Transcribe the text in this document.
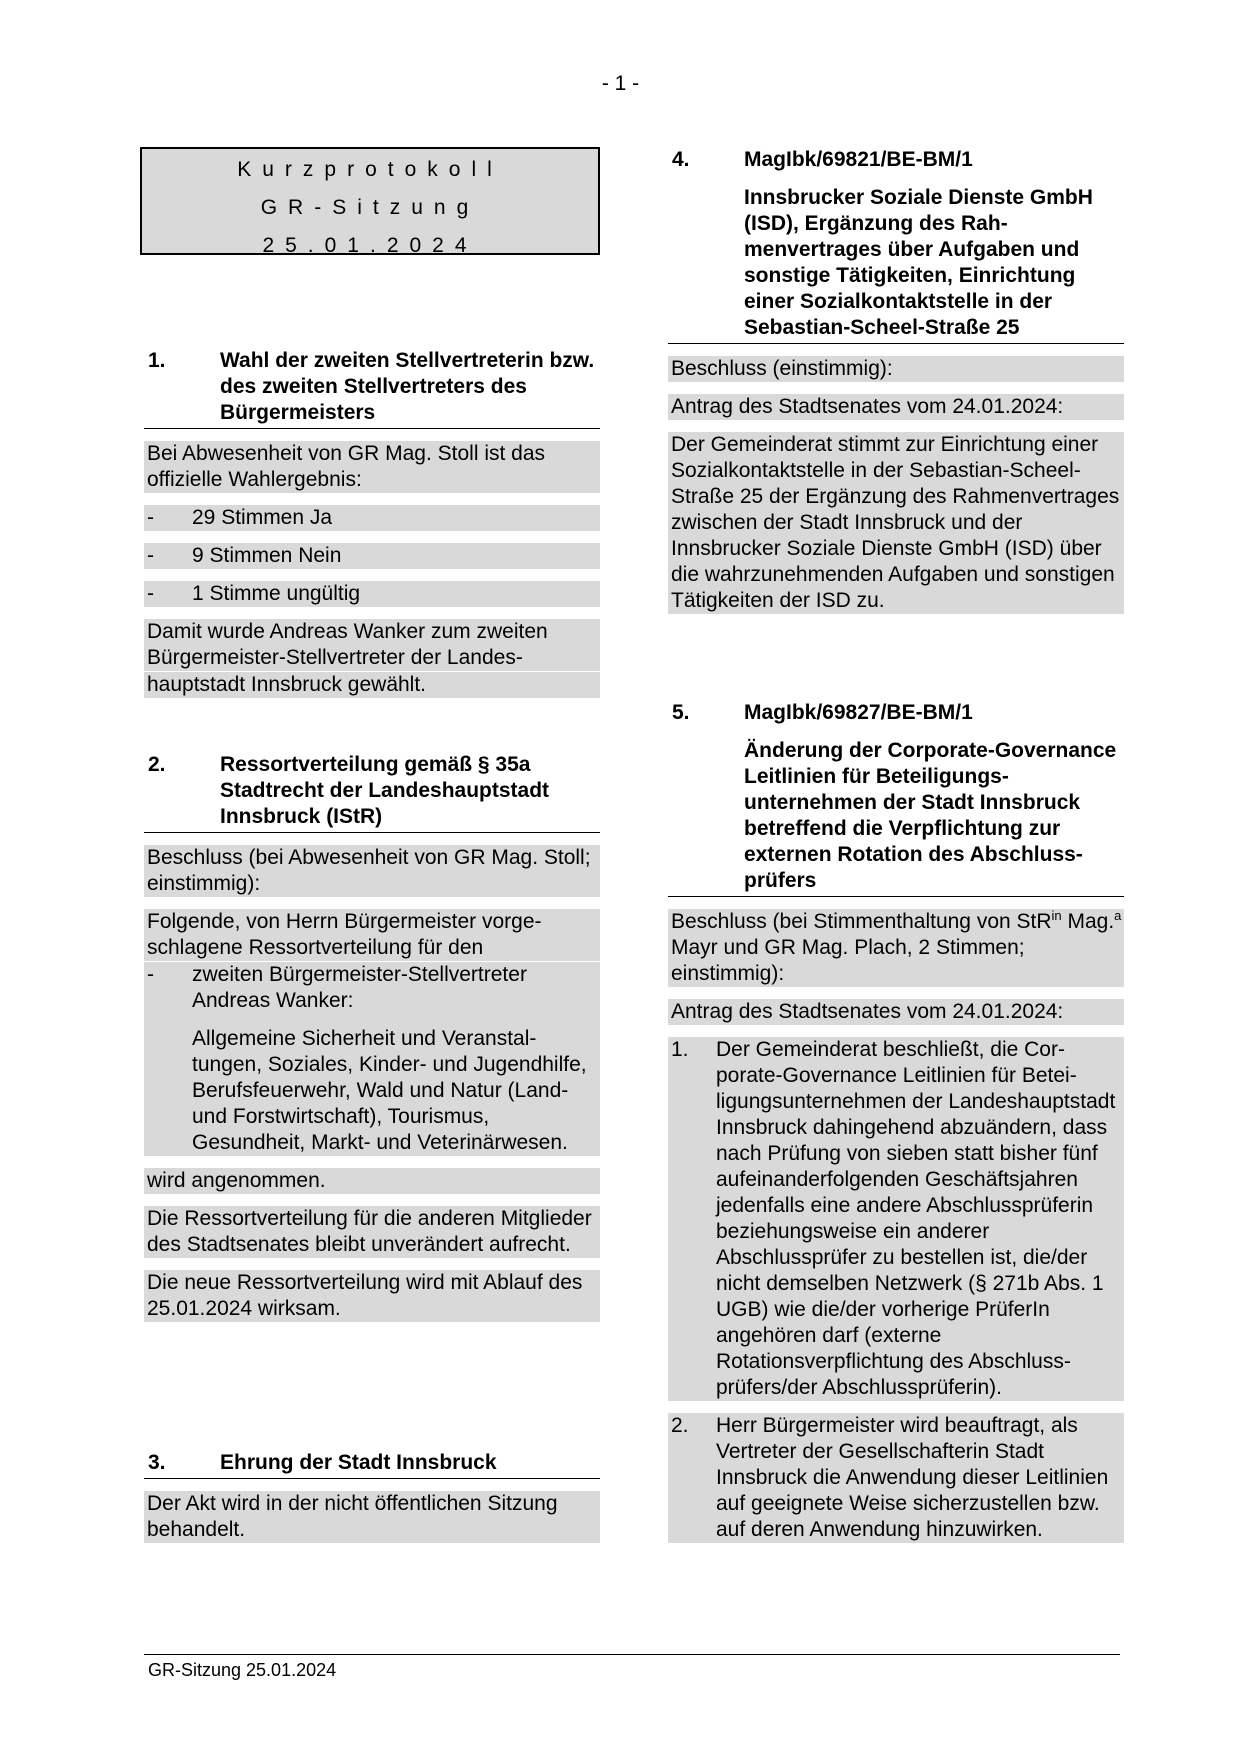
- 1 -
Kurzprotokoll
GR-Sitzung
25.01.2024
1.	Wahl der zweiten Stellvertreterin bzw. des zweiten Stellvertreters des Bürgermeisters
Bei Abwesenheit von GR Mag. Stoll ist das offizielle Wahlergebnis:
- 29 Stimmen Ja
- 9 Stimmen Nein
- 1 Stimme ungültig
Damit wurde Andreas Wanker zum zweiten Bürgermeister-Stellvertreter der Landes-
hauptstadt Innsbruck gewählt.
2.	Ressortverteilung gemäß § 35a Stadtrecht der Landeshauptstadt Innsbruck (IStR)
Beschluss (bei Abwesenheit von GR Mag. Stoll; einstimmig):
Folgende, von Herrn Bürgermeister vorgeschlagene Ressortverteilung für den
- zweiten Bürgermeister-Stellvertreter Andreas Wanker:

Allgemeine Sicherheit und Veranstaltungen, Soziales, Kinder- und Jugendhilfe, Berufsfeuerwehr, Wald und Natur (Land- und Forstwirtschaft), Tourismus, Gesundheit, Markt- und Veterinärwesen.

wird angenommen.
Die Ressortverteilung für die anderen Mitglieder des Stadtsenates bleibt unverändert aufrecht.
Die neue Ressortverteilung wird mit Ablauf des 25.01.2024 wirksam.
3.	Ehrung der Stadt Innsbruck
Der Akt wird in der nicht öffentlichen Sitzung behandelt.
4.	MagIbk/69821/BE-BM/1
Innsbrucker Soziale Dienste GmbH (ISD), Ergänzung des Rahmenvertrages über Aufgaben und sonstige Tätigkeiten, Einrichtung einer Sozialkontaktstelle in der Sebastian-Scheel-Straße 25
Beschluss (einstimmig):
Antrag des Stadtsenates vom 24.01.2024:
Der Gemeinderat stimmt zur Einrichtung einer Sozialkontaktstelle in der Sebastian-Scheel-Straße 25 der Ergänzung des Rahmenvertrages zwischen der Stadt Innsbruck und der Innsbrucker Soziale Dienste GmbH (ISD) über die wahrzunehmenden Aufgaben und sonstigen Tätigkeiten der ISD zu.
5.	MagIbk/69827/BE-BM/1
Änderung der Corporate-Governance Leitlinien für Beteiligungsunternehmen der Stadt Innsbruck betreffend die Verpflichtung zur externen Rotation des Abschlussprüfers
Beschluss (bei Stimmenthaltung von StR$^{in}$ Mag.$^a$ Mayr und GR Mag. Plach, 2 Stimmen; einstimmig):
Antrag des Stadtsenates vom 24.01.2024:
1. Der Gemeinderat beschließt, die Corporate-Governance Leitlinien für Beteiligungsunternehmen der Landeshauptstadt Innsbruck dahingehend abzuändern, dass nach Prüfung von sieben statt bisher fünf aufeinanderfolgenden Geschäftsjahren jedenfalls eine andere Abschlussprüferin beziehungsweise ein anderer Abschlussprüfer zu bestellen ist, die/der nicht demselben Netzwerk (§ 271b Abs. 1 UGB) wie die/der vorherige PrüferIn angehören darf (externe Rotationsverpflichtung des Abschlussprüfers/der Abschlussprüferin).
2. Herr Bürgermeister wird beauftragt, als Vertreter der Gesellschafterin Stadt Innsbruck die Anwendung dieser Leitlinien auf geeignete Weise sicherzustellen bzw. auf deren Anwendung hinzuwirken.
GR-Sitzung 25.01.2024
